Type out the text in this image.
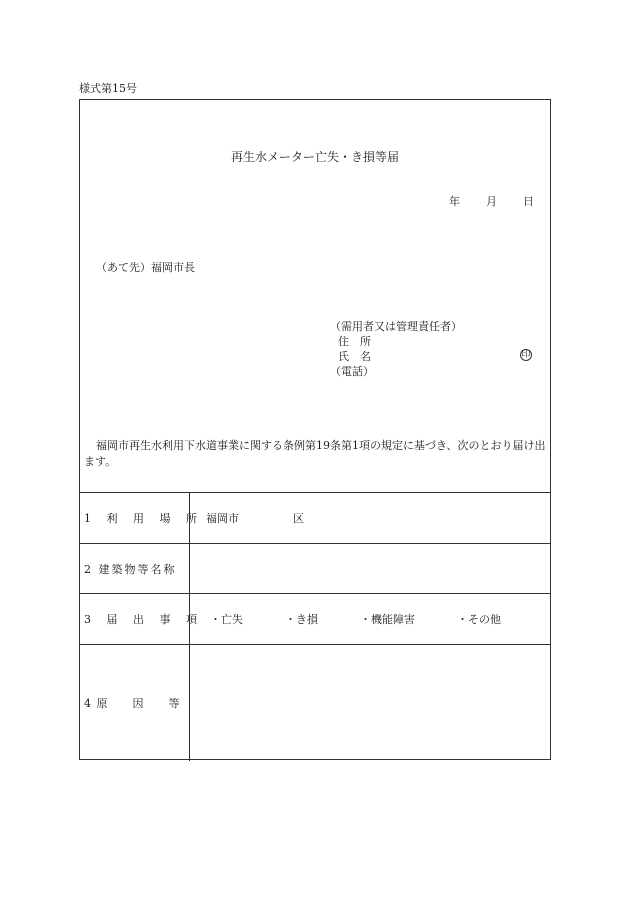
様式第15号
再生水メーター亡失・き損等届
年 月 日
（あて先）福岡市長
（需用者又は管理責任者）
住　所
氏　名
（電話）
印
福岡市再生水利用下水道事業に関する条例第19条第1項の規定に基づき、次のとおり届け出ます。
1 利 用 場 所 福岡市	区
2 建築物等名称
3 届 出 事 項 ・亡失	・き損	・機能障害	・その他
4 原　　因　　等
